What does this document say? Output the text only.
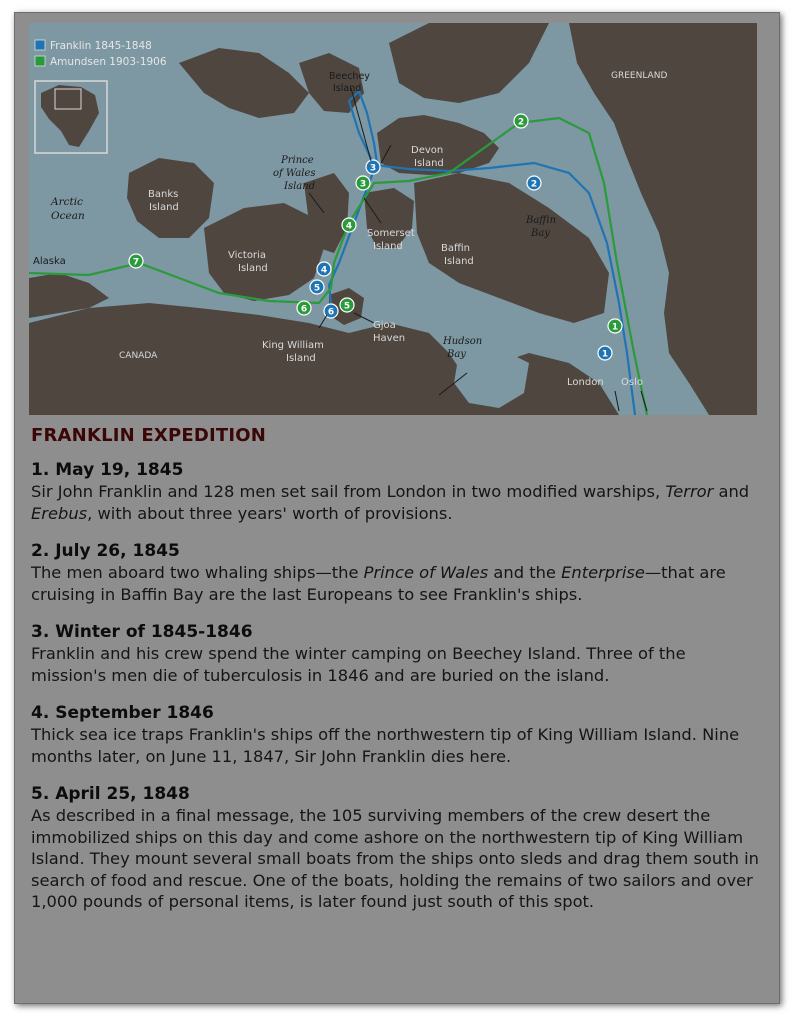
1
2
3
4
5
6
1
2
3
4
5
6
7
Franklin 1845-1848
Amundsen 1903-1906
GREENLAND
CANADA
Arctic
Ocean
Banks
Island
Victoria
Island
Prince
of Wales
Island
Beechey
Island
Devon
Island
Somerset
Island	Baffin
Island
Baffin
Bay
Hudson
Bay
King William
Island
Gjoa
Haven
Alaska
London Oslo
FRANKLIN EXPEDITION
1. May 19, 1845

Sir John Franklin and 128 men set sail from London in two modified warships, Terror and Erebus, with about three years' worth of provisions.

2. July 26, 1845

The men aboard two whaling ships—the Prince of Wales and the Enterprise—that are cruising in Baffin Bay are the last Europeans to see Franklin's ships.

3. Winter of 1845-1846

Franklin and his crew spend the winter camping on Beechey Island. Three of the mission's men die of tuberculosis in 1846 and are buried on the island.

4. September 1846

Thick sea ice traps Franklin's ships off the northwestern tip of King William Island. Nine months later, on June 11, 1847, Sir John Franklin dies here.

5. April 25, 1848

As described in a final message, the 105 surviving members of the crew desert the immobilized ships on this day and come ashore on the northwestern tip of King William Island. They mount several small boats from the ships onto sleds and drag them south in search of food and rescue. One of the boats, holding the remains of two sailors and over 1,000 pounds of personal items, is later found just south of this spot.
